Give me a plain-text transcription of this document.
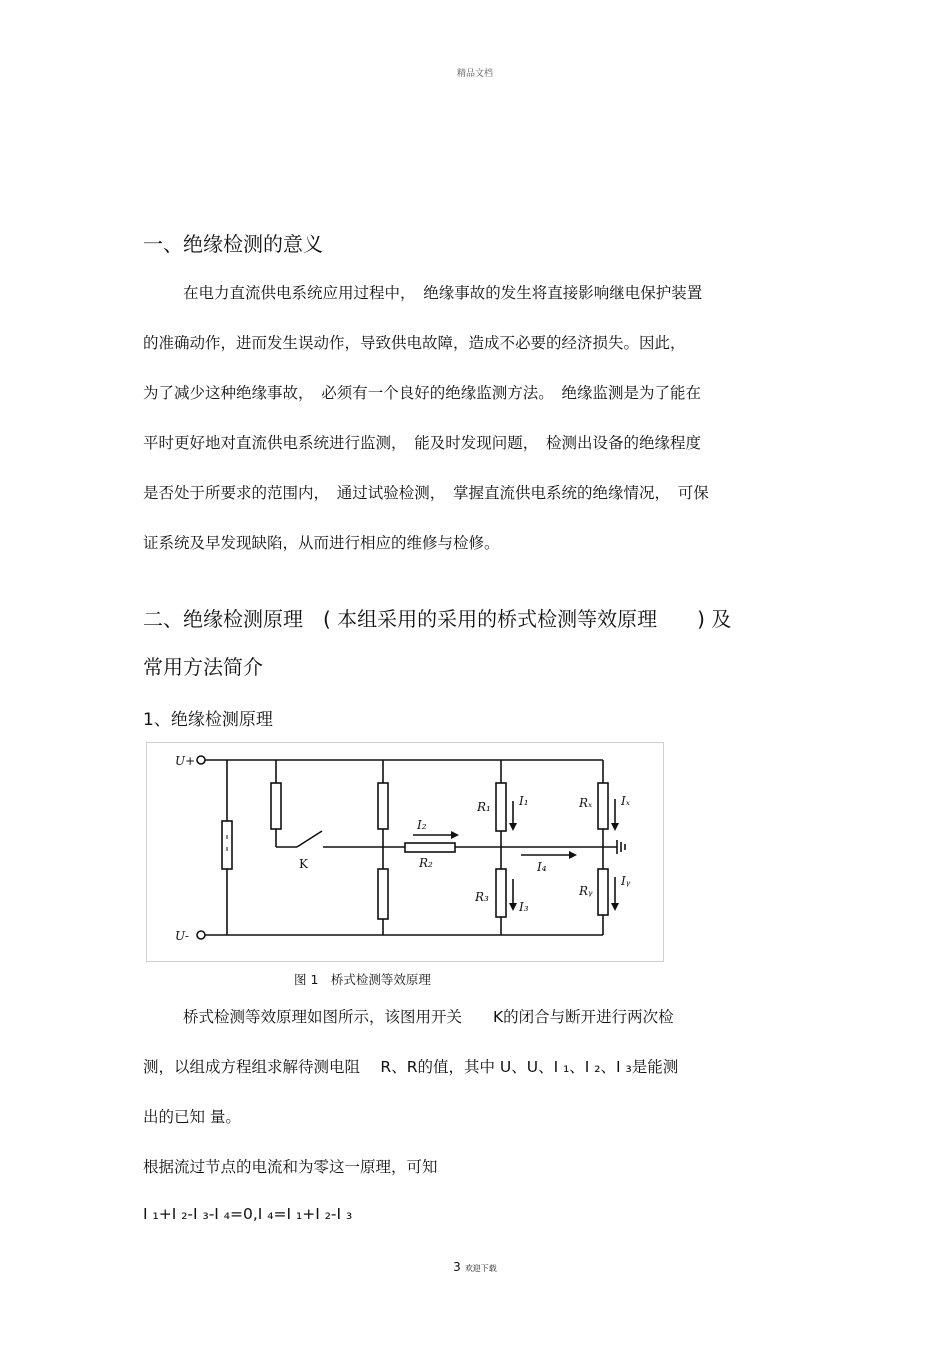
精品文档
一、绝缘检测的意义
在电力直流供电系统应用过程中，　绝缘事故的发生将直接影响继电保护装置
的准确动作，进而发生误动作，导致供电故障，造成不必要的经济损失。因此，
为了减少这种绝缘事故，　必须有一个良好的绝缘监测方法。　绝缘监测是为了能在
平时更好地对直流供电系统进行监测，　能及时发现问题，　检测出设备的绝缘程度
是否处于所要求的范围内，　通过试验检测，　掌握直流供电系统的绝缘情况，　可保
证系统及早发现缺陷，从而进行相应的维修与检修。
二、绝缘检测原理　( 本组采用的采用的桥式检测等效原理　　) 及
常用方法简介
1、绝缘检测原理
U+
U-
K
I₂
R₂
R₁ I₁
R₃
I₃
I₄
Rₓ Iₓ
Rᵧ
Iᵧ
图 1　桥式检测等效原理
桥式检测等效原理如图所示，该图用开关　　K的闭合与断开进行两次检
测，以组成方程组求解待测电阻　 R、R的值，其中 U、U、I ₁、I ₂、I ₃是能测
出的已知 量。
根据流过节点的电流和为零这一原理，可知
I ₁+I ₂-I ₃-I ₄=0,I ₄=I ₁+I ₂-I ₃
3 欢迎下载
